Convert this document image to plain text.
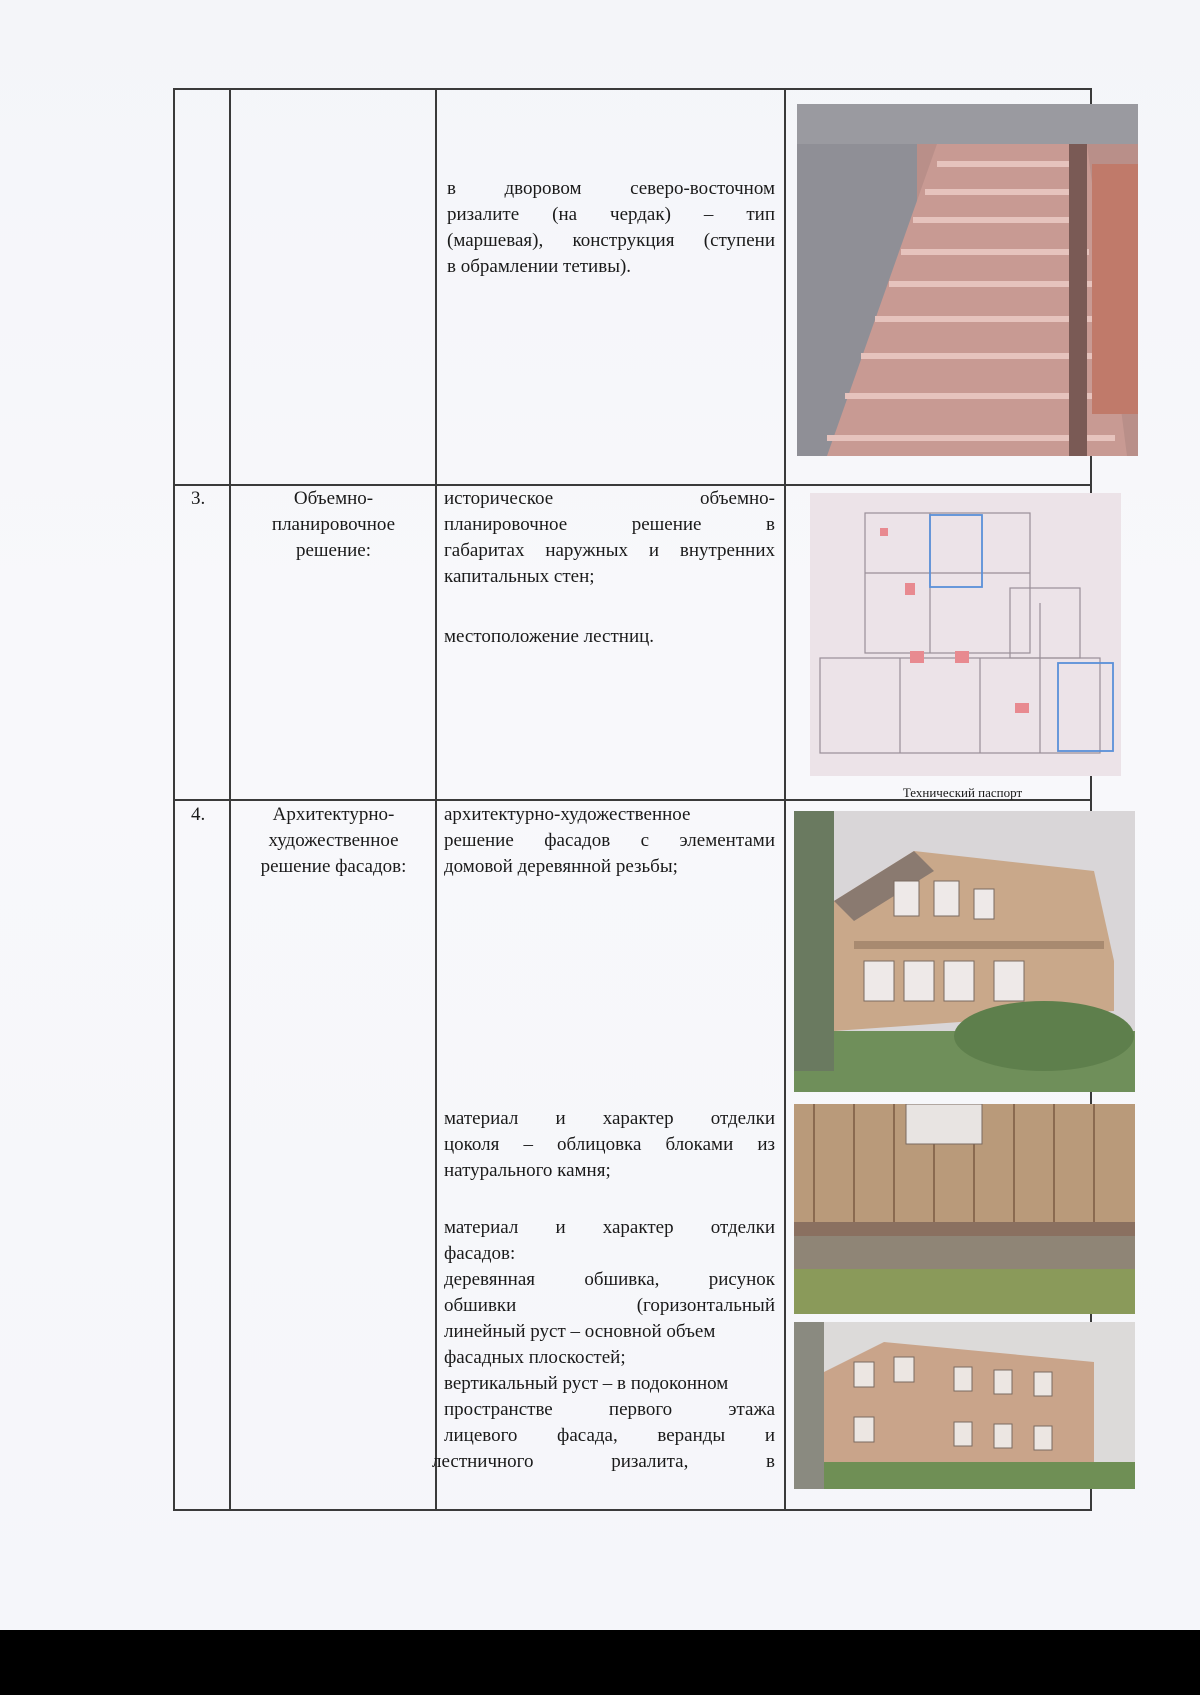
в дворовом северо-восточном
ризалите (на чердак) – тип
(маршевая), конструкция (ступени
в обрамлении тетивы).
3.	Объемно-
планировочное
решение:
историческое объемно-
планировочное решение в
габаритах наружных и внутренних
капитальных стен;
местоположение лестниц.
Технический паспорт
4.	Архитектурно-
художественное
решение фасадов:
архитектурно-художественное
решение фасадов с элементами
домовой деревянной резьбы;
материал и характер отделки
цоколя – облицовка блоками из
натурального камня;
материал и характер отделки
фасадов:
деревянная обшивка, рисунок
обшивки (горизонтальный
линейный руст – основной объем
фасадных плоскостей;
вертикальный руст – в подоконном
пространстве первого этажа
лицевого фасада, веранды и
лестничного ризалита, в
